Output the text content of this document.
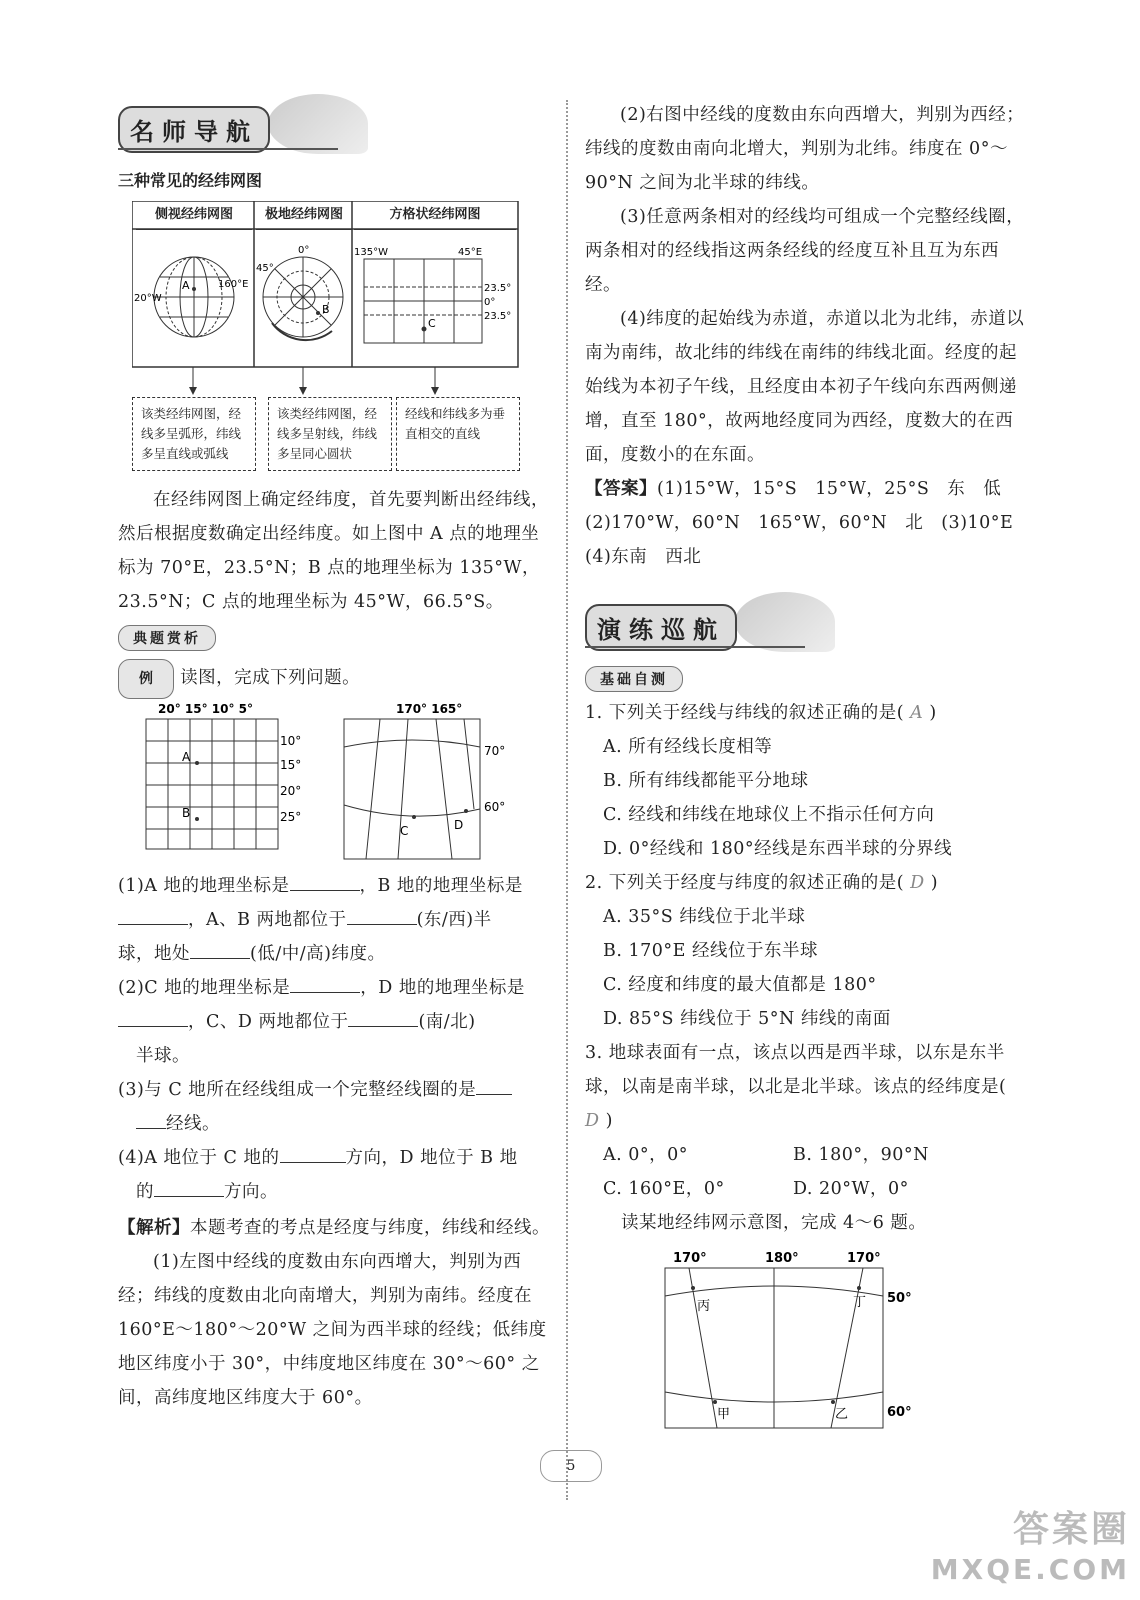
名师导航
三种常见的经纬网图
A	160°E
20°W
0°
45°
B
135°W	45°E
23.5°
0°
23.5°
C
侧视经纬网图	极地经纬网图	方格状经纬网图
该类经纬网图，经线多呈弧形，纬线多呈直线或弧线
该类经纬网图，经线多呈射线，纬线多呈同心圆状
经线和纬线多为垂直相交的直线
在经纬网图上确定经纬度，首先要判断出经纬线，然后根据度数确定出经纬度。如上图中 A 点的地理坐标为 70°E，23.5°N；B 点的地理坐标为 135°W，23.5°N；C 点的地理坐标为 45°W，66.5°S。
典题赏析
例 读图，完成下列问题。
20° 15° 10° 5°
A
B
10°
15°
20°
25°
170° 165°
C	D
70°
60°
(1)A 地的地理坐标是	，B 地的地理坐标是
，A、B 两地都位于	(东/西)半
球，地处	(低/中/高)纬度。
(2)C 地的地理坐标是	，D 地的地理坐标是
，C、D 两地都位于	(南/北)
半球。
(3)与 C 地所在经线组成一个完整经线圈的是
经线。
(4)A 地位于 C 地的	方向，D 地位于 B 地
的	方向。
【解析】本题考查的考点是经度与纬度，纬线和经线。
(1)左图中经线的度数由东向西增大，判别为西经；纬线的度数由北向南增大，判别为南纬。经度在 160°E～180°～20°W 之间为西半球的经线；低纬度地区纬度小于 30°，中纬度地区纬度在 30°～60° 之间，高纬度地区纬度大于 60°。
(2)右图中经线的度数由东向西增大，判别为西经；纬线的度数由南向北增大，判别为北纬。纬度在 0°～90°N 之间为北半球的纬线。
(3)任意两条相对的经线均可组成一个完整经线圈，两条相对的经线指这两条经线的经度互补且互为东西经。
(4)纬度的起始线为赤道，赤道以北为北纬，赤道以南为南纬，故北纬的纬线在南纬的纬线北面。经度的起始线为本初子午线，且经度由本初子午线向东西两侧递增，直至 180°，故两地经度同为西经，度数大的在西面，度数小的在东面。
【答案】(1)15°W，15°S　15°W，25°S　东　低
(2)170°W，60°N　165°W，60°N　北　(3)10°E
(4)东南　西北
演练巡航
基础自测
1. 下列关于经线与纬线的叙述正确的是( A )
A. 所有经线长度相等
B. 所有纬线都能平分地球
C. 经线和纬线在地球仪上不指示任何方向
D. 0°经线和 180°经线是东西半球的分界线
2. 下列关于经度与纬度的叙述正确的是( D )
A. 35°S 纬线位于北半球
B. 170°E 经线位于东半球
C. 经度和纬度的最大值都是 180°
D. 85°S 纬线位于 5°N 纬线的南面
3. 地球表面有一点，该点以西是西半球，以东是东半球，以南是南半球，以北是北半球。该点的经纬度是( D )
A. 0°，0°	B. 180°，90°N
C. 160°E，0°	D. 20°W，0°
读某地经纬网示意图，完成 4～6 题。
170°	180°	170°
丙	丁
甲	乙
50°
60°
5
答案圈
MXQE.COM
